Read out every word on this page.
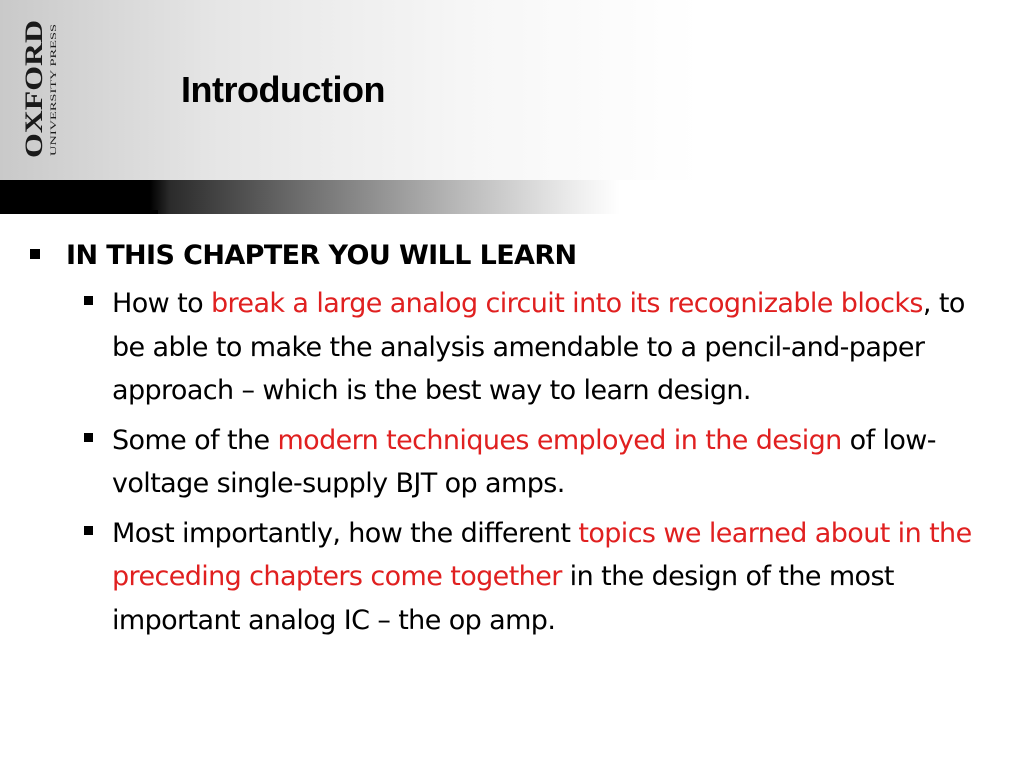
OXFORD UNIVERSITY PRESS	Introduction
IN THIS CHAPTER YOU WILL LEARN
How to break a large analog circuit into its recognizable blocks, to be able to make the analysis amendable to a pencil-and-paper approach – which is the best way to learn design.
Some of the modern techniques employed in the design of low-voltage single-supply BJT op amps.
Most importantly, how the different topics we learned about in the preceding chapters come together in the design of the most important analog IC – the op amp.
